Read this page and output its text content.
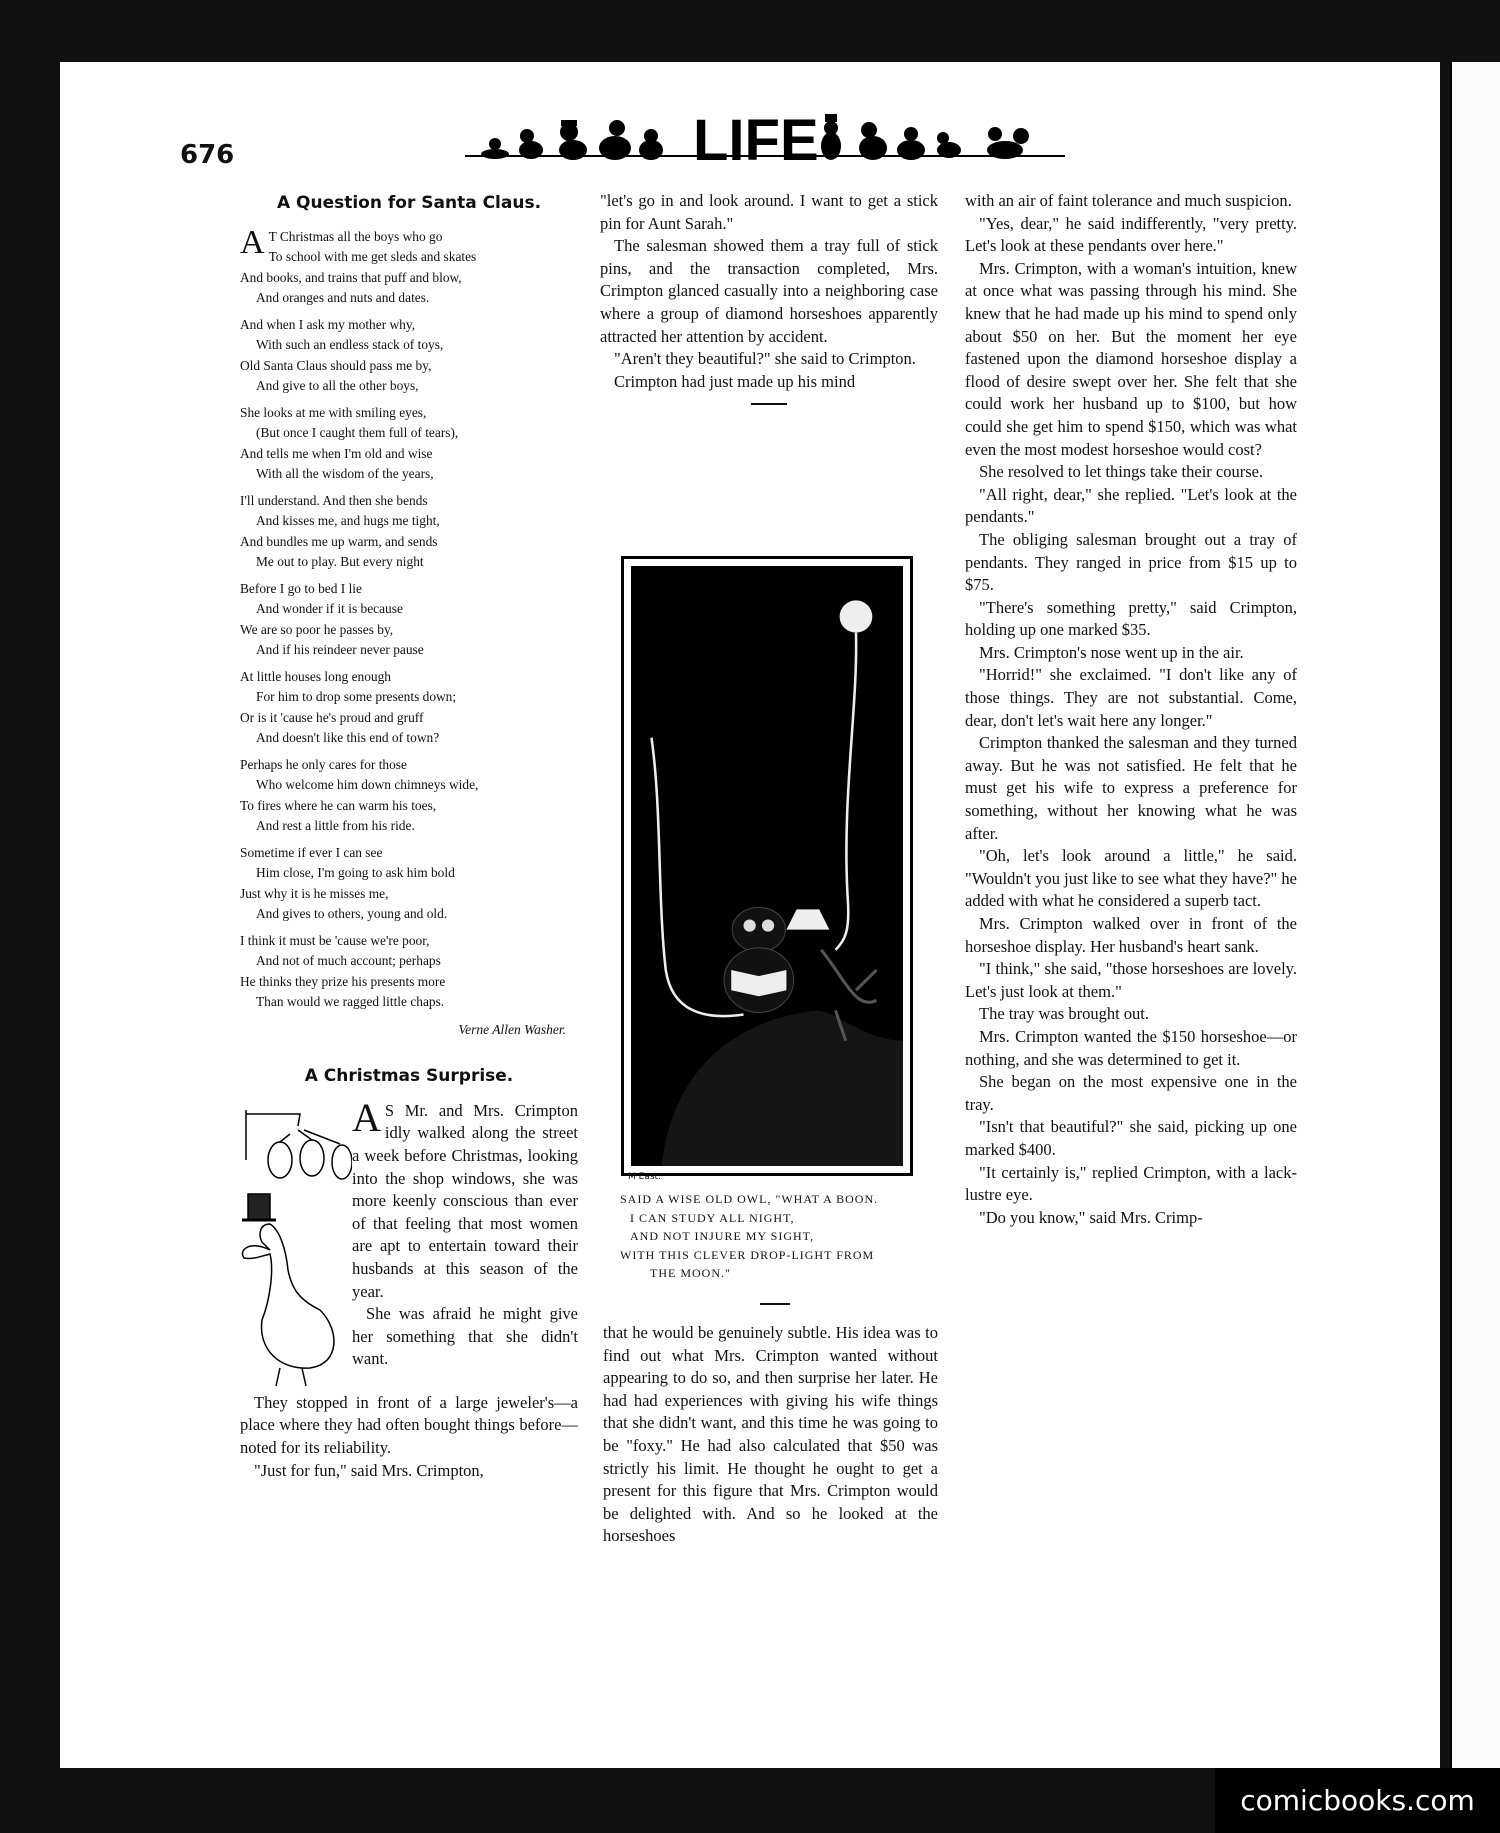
676	LIFE
A Question for Santa Claus.
A T Christmas all the boys who go
To school with me get sleds and skates
And books, and trains that puff and blow,
And oranges and nuts and dates.
And when I ask my mother why,
With such an endless stack of toys,
Old Santa Claus should pass me by,
And give to all the other boys,
She looks at me with smiling eyes,
(But once I caught them full of tears),
And tells me when I'm old and wise
With all the wisdom of the years,
I'll understand. And then she bends
And kisses me, and hugs me tight,
And bundles me up warm, and sends
Me out to play. But every night
Before I go to bed I lie
And wonder if it is because
We are so poor he passes by,
And if his reindeer never pause
At little houses long enough
For him to drop some presents down;
Or is it 'cause he's proud and gruff
And doesn't like this end of town?
Perhaps he only cares for those
Who welcome him down chimneys wide,
To fires where he can warm his toes,
And rest a little from his ride.
Sometime if ever I can see
Him close, I'm going to ask him bold
Just why it is he misses me,
And gives to others, young and old.
I think it must be 'cause we're poor,
And not of much account; perhaps
He thinks they prize his presents more
Than would we ragged little chaps.
Verne Allen Washer.
A Christmas Surprise.

A S Mr. and Mrs. Crimpton idly walked along the street a week before Christmas, looking into the shop windows, she was more keenly conscious than ever of that feeling that most women are apt to entertain toward their husbands at this season of the year.

She was afraid he might give her something that she didn't want.

They stopped in front of a large jeweler's—a place where they had often bought things before—noted for its reliability.

"Just for fun," said Mrs. Crimpton,

"let's go in and look around. I want to get a stick pin for Aunt Sarah."

The salesman showed them a tray full of stick pins, and the transaction completed, Mrs. Crimpton glanced casually into a neighboring case where a group of diamond horseshoes apparently attracted her attention by accident.

"Aren't they beautiful?" she said to Crimpton.

Crimpton had just made up his mind

M East.
SAID A WISE OLD OWL, "WHAT A BOON.
I CAN STUDY ALL NIGHT,
AND NOT INJURE MY SIGHT,
WITH THIS CLEVER DROP-LIGHT FROM
THE MOON."

that he would be genuinely subtle. His idea was to find out what Mrs. Crimpton wanted without appearing to do so, and then surprise her later. He had had experiences with giving his wife things that she didn't want, and this time he was going to be "foxy." He had also calculated that $50 was strictly his limit. He thought he ought to get a present for this figure that Mrs. Crimpton would be delighted with. And so he looked at the horseshoes

with an air of faint tolerance and much suspicion.

"Yes, dear," he said indifferently, "very pretty. Let's look at these pendants over here."

Mrs. Crimpton, with a woman's intuition, knew at once what was passing through his mind. She knew that he had made up his mind to spend only about $50 on her. But the moment her eye fastened upon the diamond horseshoe display a flood of desire swept over her. She felt that she could work her husband up to $100, but how could she get him to spend $150, which was what even the most modest horseshoe would cost?

She resolved to let things take their course.

"All right, dear," she replied. "Let's look at the pendants."

The obliging salesman brought out a tray of pendants. They ranged in price from $15 up to $75.

"There's something pretty," said Crimpton, holding up one marked $35.

Mrs. Crimpton's nose went up in the air.

"Horrid!" she exclaimed. "I don't like any of those things. They are not substantial. Come, dear, don't let's wait here any longer."

Crimpton thanked the salesman and they turned away. But he was not satisfied. He felt that he must get his wife to express a preference for something, without her knowing what he was after.

"Oh, let's look around a little," he said. "Wouldn't you just like to see what they have?" he added with what he considered a superb tact.

Mrs. Crimpton walked over in front of the horseshoe display. Her husband's heart sank.

"I think," she said, "those horseshoes are lovely. Let's just look at them."

The tray was brought out.

Mrs. Crimpton wanted the $150 horseshoe—or nothing, and she was determined to get it.

She began on the most expensive one in the tray.

"Isn't that beautiful?" she said, picking up one marked $400.

"It certainly is," replied Crimpton, with a lack-lustre eye.

"Do you know," said Mrs. Crimp-

comicbooks.com
